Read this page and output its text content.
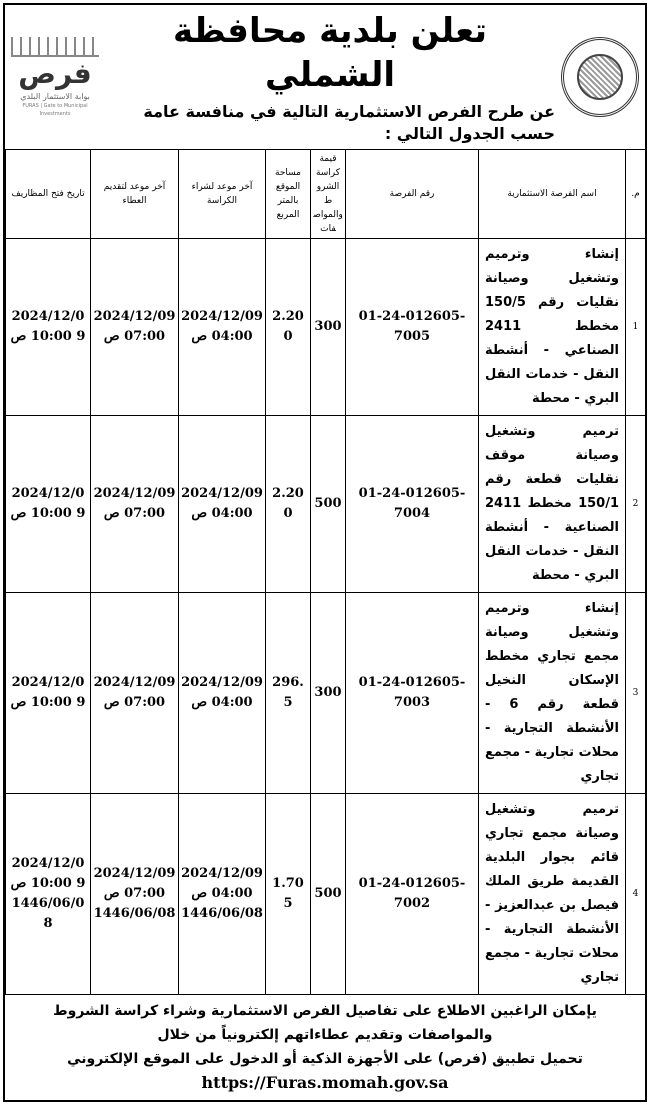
فرص
بوابة الاستثمار البلدي
FURAS | Gate to Municipal Investments
تعلن بلدية محافظة الشملي
عن طرح الفرص الاستثمارية التالية في منافسة عامة حسب الجدول التالي :
م.	اسم الفرصة الاستثمارية	رقم الفرصة	قيمة كراسة الشروط والمواصفات	مساحة الموقع بالمتر المربع	آخر موعد لشراء الكراسة	آخر موعد لتقديم العطاء	تاريخ فتح المظاريف
1	إنشاء وترميم وتشغيل وصيانة نقليات رقم 150/5 مخطط 2411 الصناعي - أنشطة النقل - خدمات النقل البري - محطة	01-24-012605-7005	300	2.200	2024/12/09 04:00 ص	2024/12/09 07:00 ص	2024/12/09 10:00 ص
2	ترميم وتشغيل وصيانة موقف نقليات قطعة رقم 150/1 مخطط 2411 الصناعية - أنشطة النقل - خدمات النقل البري - محطة	01-24-012605-7004	500	2.200	2024/12/09 04:00 ص	2024/12/09 07:00 ص	2024/12/09 10:00 ص
3	إنشاء وترميم وتشغيل وصيانة مجمع تجاري مخطط الإسكان النخيل قطعة رقم 6 - الأنشطة التجارية - محلات تجارية - مجمع تجاري	01-24-012605-7003	300	296.5	2024/12/09 04:00 ص	2024/12/09 07:00 ص	2024/12/09 10:00 ص
4	ترميم وتشغيل وصيانة مجمع تجاري قائم بجوار البلدية القديمة طريق الملك فيصل بن عبدالعزيز - الأنشطة التجارية - محلات تجارية - مجمع تجاري	01-24-012605-7002	500	1.705	2024/12/09 04:00 ص 1446/06/08	2024/12/09 07:00 ص 1446/06/08	2024/12/09 10:00 ص 1446/06/08
يإمكان الراغبين الاطلاع على تفاصيل الفرص الاستثمارية وشراء كراسة الشروط والمواصفات وتقديم عطاءاتهم إلكترونياً من خلال
تحميل تطبيق (فرص) على الأجهزة الذكية أو الدخول على الموقع الإلكتروني https://Furas.momah.gov.sa
